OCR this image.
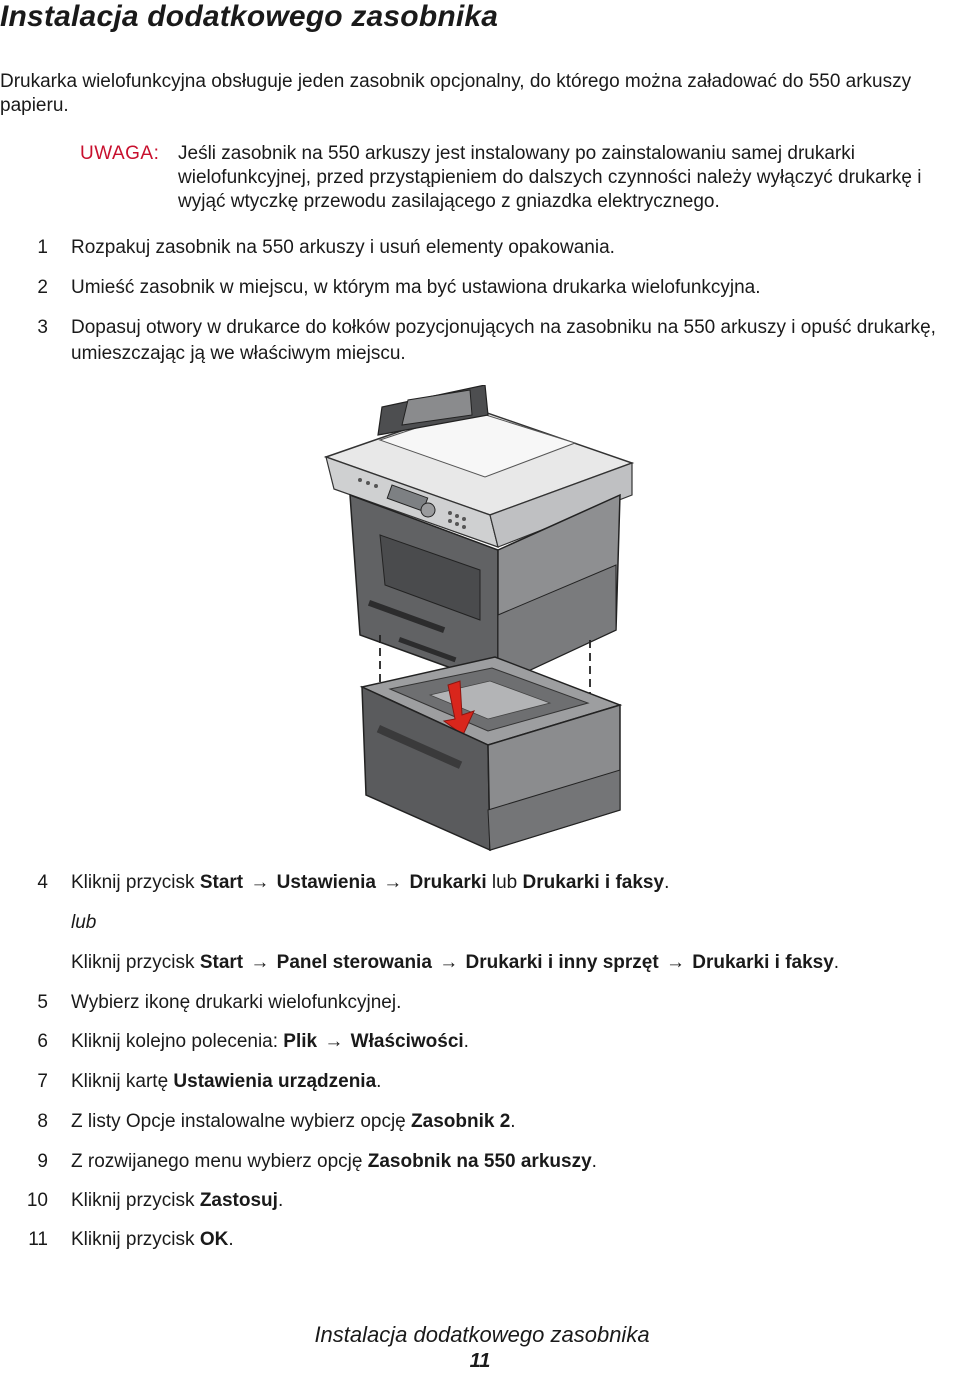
Instalacja dodatkowego zasobnika

Drukarka wielofunkcyjna obsługuje jeden zasobnik opcjonalny, do którego można załadować do 550 arkuszy papieru.

UWAGA: Jeśli zasobnik na 550 arkuszy jest instalowany po zainstalowaniu samej drukarki wielofunkcyjnej, przed przystąpieniem do dalszych czynności należy wyłączyć drukarkę i wyjąć wtyczkę przewodu zasilającego z gniazdka elektrycznego.
1 Rozpakuj zasobnik na 550 arkuszy i usuń elementy opakowania.
2 Umieść zasobnik w miejscu, w którym ma być ustawiona drukarka wielofunkcyjna.
3 Dopasuj otwory w drukarce do kołków pozycjonujących na zasobniku na 550 arkuszy i opuść drukarkę, umieszczając ją we właściwym miejscu.
4 Kliknij przycisk Start → Ustawienia → Drukarki lub Drukarki i faksy.
lub
Kliknij przycisk Start → Panel sterowania → Drukarki i inny sprzęt → Drukarki i faksy.
5 Wybierz ikonę drukarki wielofunkcyjnej.
6 Kliknij kolejno polecenia: Plik → Właściwości.
7 Kliknij kartę Ustawienia urządzenia.
8 Z listy Opcje instalowalne wybierz opcję Zasobnik 2.
9 Z rozwijanego menu wybierz opcję Zasobnik na 550 arkuszy.
10 Kliknij przycisk Zastosuj.
11 Kliknij przycisk OK.
Instalacja dodatkowego zasobnika
11
